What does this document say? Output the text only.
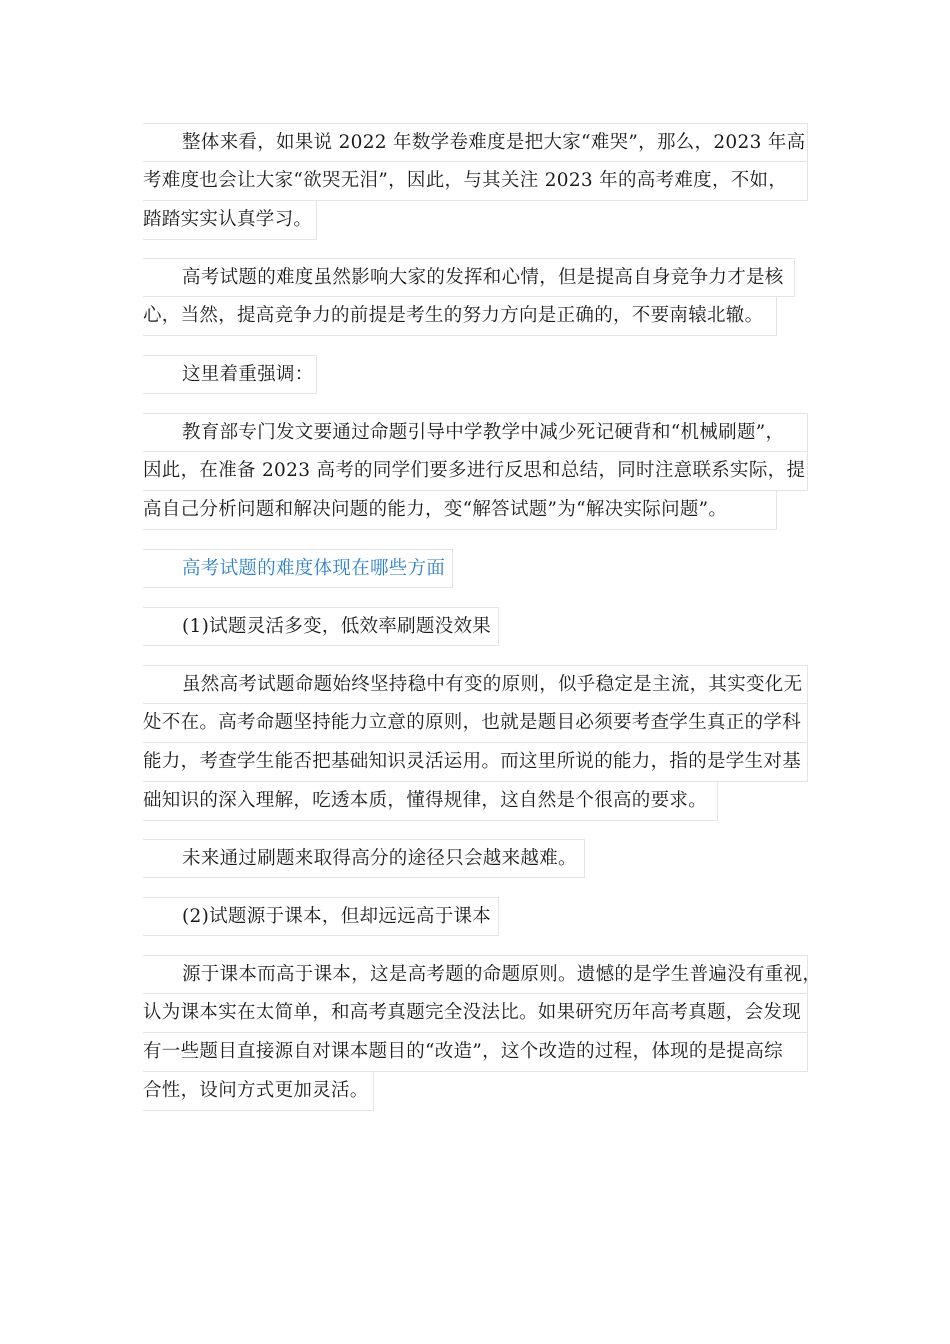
整体来看，如果说 2022 年数学卷难度是把大家“难哭”，那么，2023 年高

考难度也会让大家“欲哭无泪”，因此，与其关注 2023 年的高考难度，不如，

踏踏实实认真学习。

高考试题的难度虽然影响大家的发挥和心情，但是提高自身竞争力才是核

心，当然，提高竞争力的前提是考生的努力方向是正确的，不要南辕北辙。

这里着重强调：

教育部专门发文要通过命题引导中学教学中减少死记硬背和“机械刷题”，

因此，在准备 2023 高考的同学们要多进行反思和总结，同时注意联系实际，提

高自己分析问题和解决问题的能力，变“解答试题”为“解决实际问题”。

高考试题的难度体现在哪些方面

(1)试题灵活多变，低效率刷题没效果

虽然高考试题命题始终坚持稳中有变的原则，似乎稳定是主流，其实变化无

处不在。高考命题坚持能力立意的原则，也就是题目必须要考查学生真正的学科

能力，考查学生能否把基础知识灵活运用。而这里所说的能力，指的是学生对基

础知识的深入理解，吃透本质，懂得规律，这自然是个很高的要求。

未来通过刷题来取得高分的途径只会越来越难。

(2)试题源于课本，但却远远高于课本

源于课本而高于课本，这是高考题的命题原则。遗憾的是学生普遍没有重视，

认为课本实在太简单，和高考真题完全没法比。如果研究历年高考真题，会发现

有一些题目直接源自对课本题目的“改造”，这个改造的过程，体现的是提高综

合性，设问方式更加灵活。
